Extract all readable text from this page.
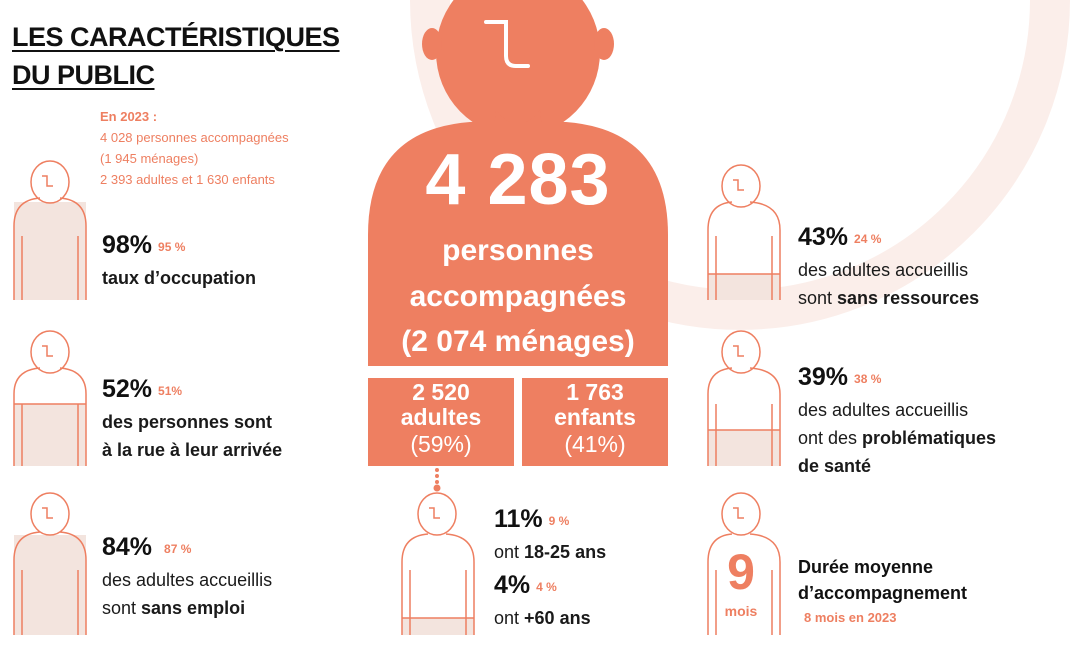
LES CARACTÉRISTIQUES
DU PUBLIC
En 2023 :
4 028 personnes accompagnées
(1 945 ménages)
2 393 adultes et 1 630 enfants	4 283
personnes
accompagnées
(2 074 ménages)
2 520
adultes
(59%)
1 763
enfants
(41%)
98% $^{95 \%}$
taux d’occupation
52% $^{51\%}$
des personnes sont
à la rue à leur arrivée
84% $^{87 \%}$
des adultes accueillis
sont sans emploi
43% $^{24 \%}$
des adultes accueillis
sont sans ressources
39% $^{38 \%}$
des adultes accueillis
ont des problématiques
de santé
11% $^{9 \%}$
ont 18-25 ans
4% $^{4 \%}$
ont +60 ans
9
mois
Durée moyenne
d’accompagnement
8 mois en 2023
